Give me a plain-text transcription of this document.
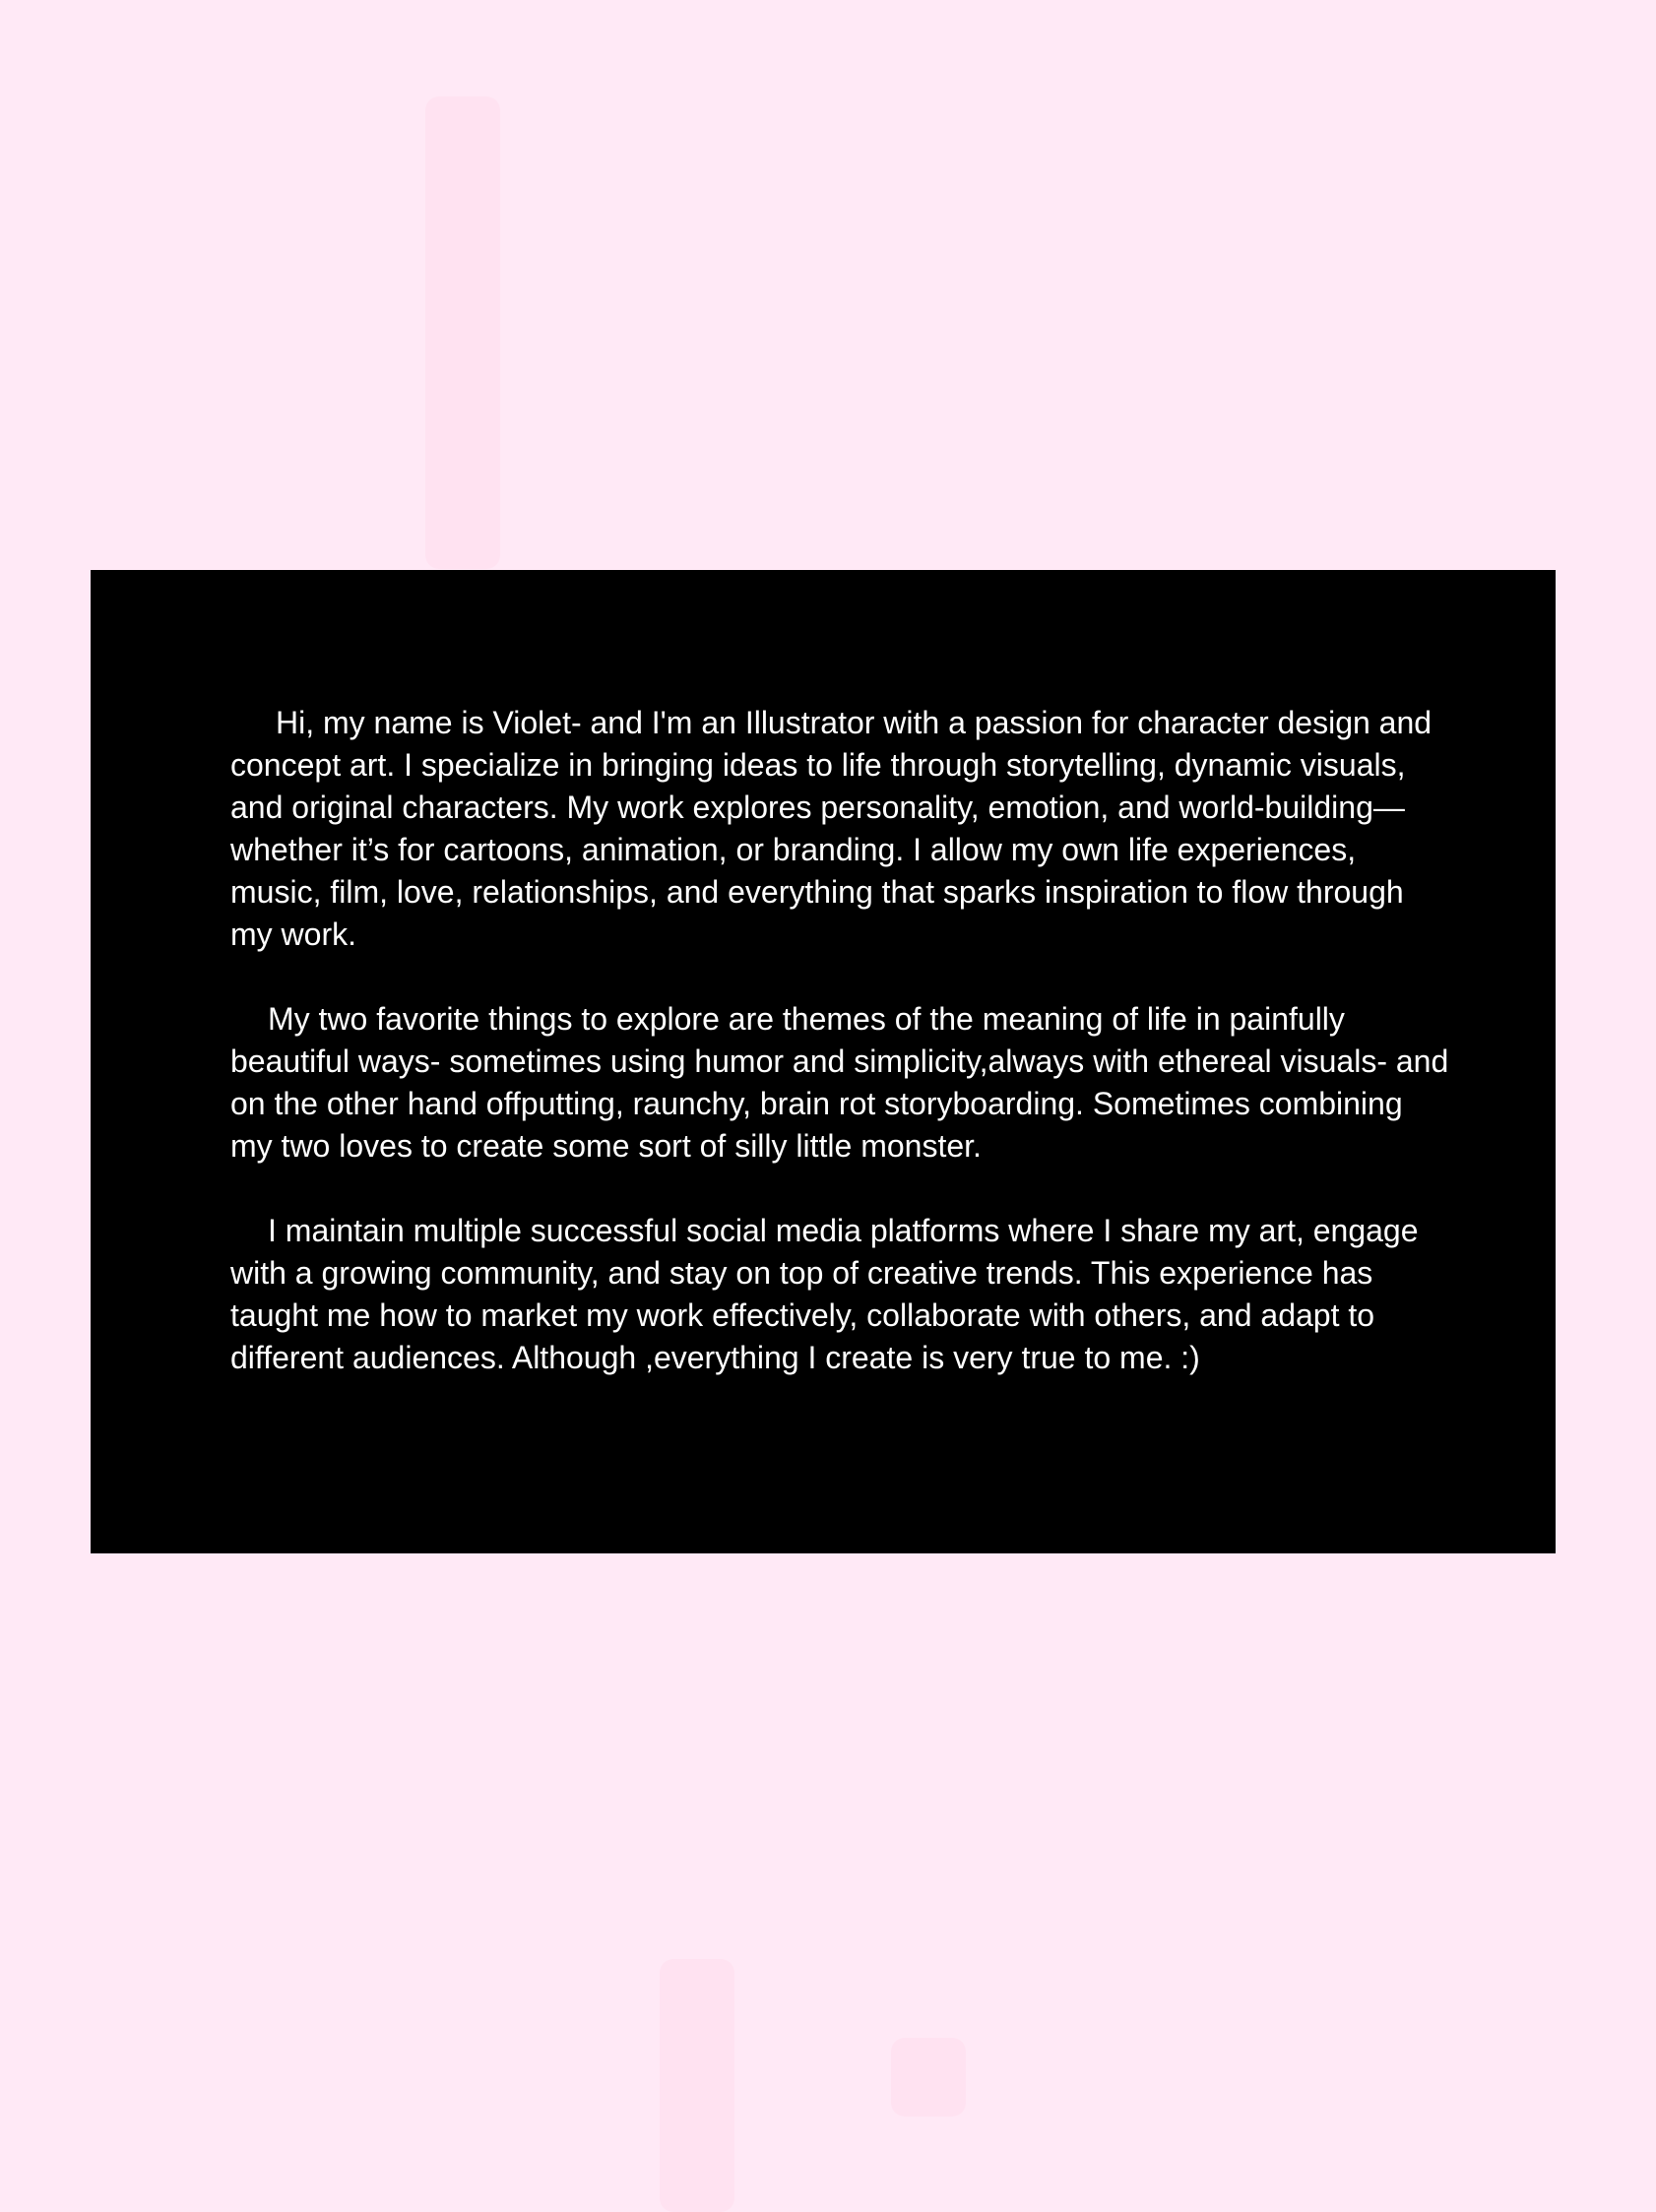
Hi, my name is Violet- and I'm an Illustrator with a passion for character design and concept art. I specialize in bringing ideas to life through storytelling, dynamic visuals, and original characters. My work explores personality, emotion, and world-building—whether it’s for cartoons, animation, or branding. I allow my own life experiences, music, film, love, relationships, and everything that sparks inspiration to flow through my work.

My two favorite things to explore are themes of the meaning of life in painfully beautiful ways- sometimes using humor and simplicity,always with ethereal visuals- and on the other hand offputting, raunchy, brain rot storyboarding. Sometimes combining my two loves to create some sort of silly little monster.

I maintain multiple successful social media platforms where I share my art, engage with a growing community, and stay on top of creative trends. This experience has taught me how to market my work effectively, collaborate with others, and adapt to different audiences. Although ,everything I create is very true to me. :)
